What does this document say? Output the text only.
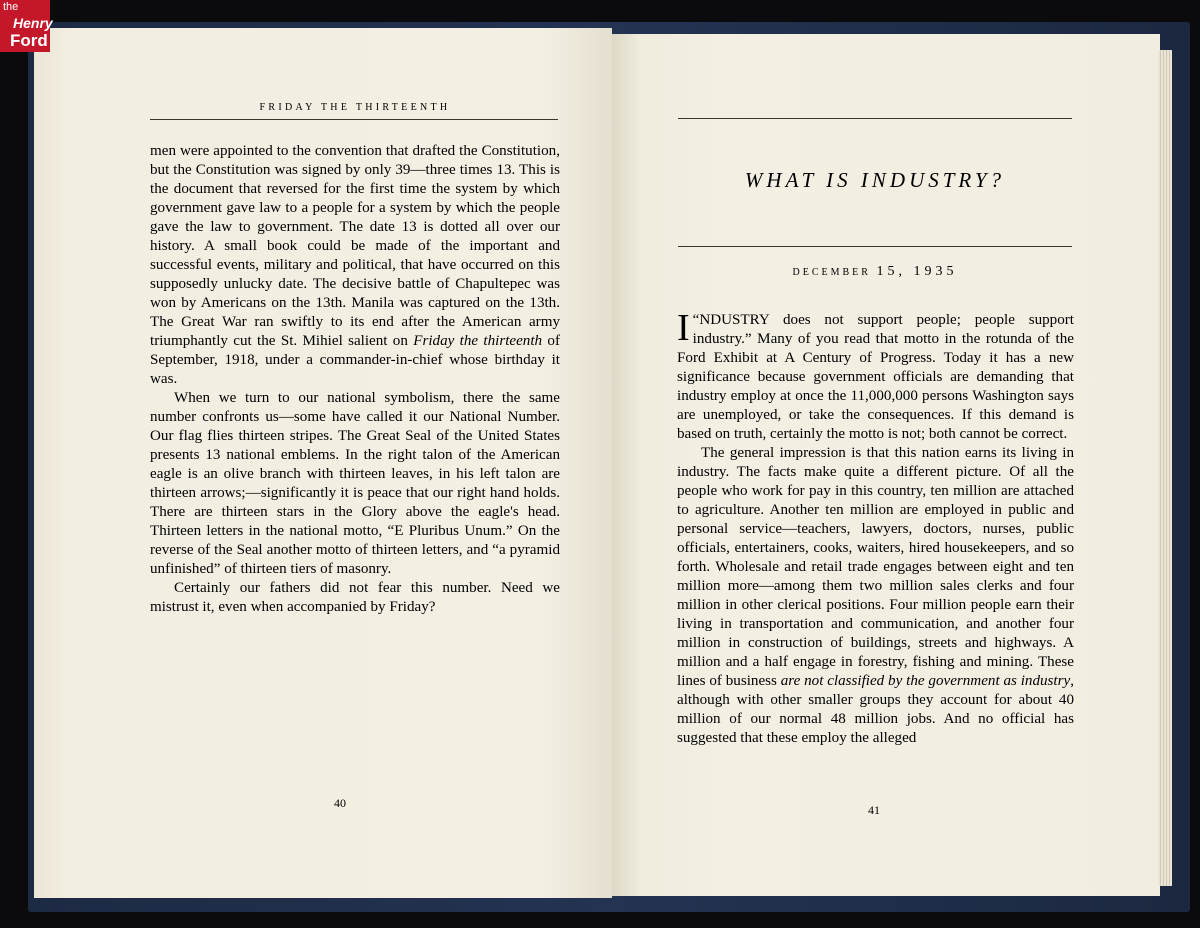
the
Henry
Ford
FRIDAY THE THIRTEENTH

men were appointed to the convention that drafted the Constitution, but the Constitution was signed by only 39—three times 13. This is the document that reversed for the first time the system by which government gave law to a people for a system by which the people gave the law to government. The date 13 is dotted all over our history. A small book could be made of the important and successful events, military and political, that have occurred on this supposedly unlucky date. The decisive battle of Chapultepec was won by Americans on the 13th. Manila was captured on the 13th. The Great War ran swiftly to its end after the American army triumphantly cut the St. Mihiel salient on Friday the thirteenth of September, 1918, under a commander-in-chief whose birthday it was.

When we turn to our national symbolism, there the same number confronts us—some have called it our National Number. Our flag flies thirteen stripes. The Great Seal of the United States presents 13 national emblems. In the right talon of the American eagle is an olive branch with thirteen leaves, in his left talon are thirteen arrows;—significantly it is peace that our right hand holds. There are thirteen stars in the Glory above the eagle's head. Thirteen letters in the national motto, “E Pluribus Unum.” On the reverse of the Seal another motto of thirteen letters, and “a pyramid unfinished” of thirteen tiers of masonry.

Certainly our fathers did not fear this number. Need we mistrust it, even when accompanied by Friday?

40
WHAT IS INDUSTRY?
DECEMBER 15, 1935

“
I NDUSTRY does not support people; people support industry.” Many of you read that motto in the rotunda of the Ford Exhibit at A Century of Progress. Today it has a new significance because government officials are demanding that industry employ at once the 11,000,000 persons Washington says are unemployed, or take the consequences. If this demand is based on truth, certainly the motto is not; both cannot be correct.

The general impression is that this nation earns its living in industry. The facts make quite a different picture. Of all the people who work for pay in this country, ten million are attached to agriculture. Another ten million are employed in public and personal service—teachers, lawyers, doctors, nurses, public officials, entertainers, cooks, waiters, hired housekeepers, and so forth. Wholesale and retail trade engages between eight and ten million more—among them two million sales clerks and four million in other clerical positions. Four million people earn their living in transportation and communication, and another four million in construction of buildings, streets and highways. A million and a half engage in forestry, fishing and mining. These lines of business are not classified by the government as industry, although with other smaller groups they account for about 40 million of our normal 48 million jobs. And no official has suggested that these employ the alleged

41
